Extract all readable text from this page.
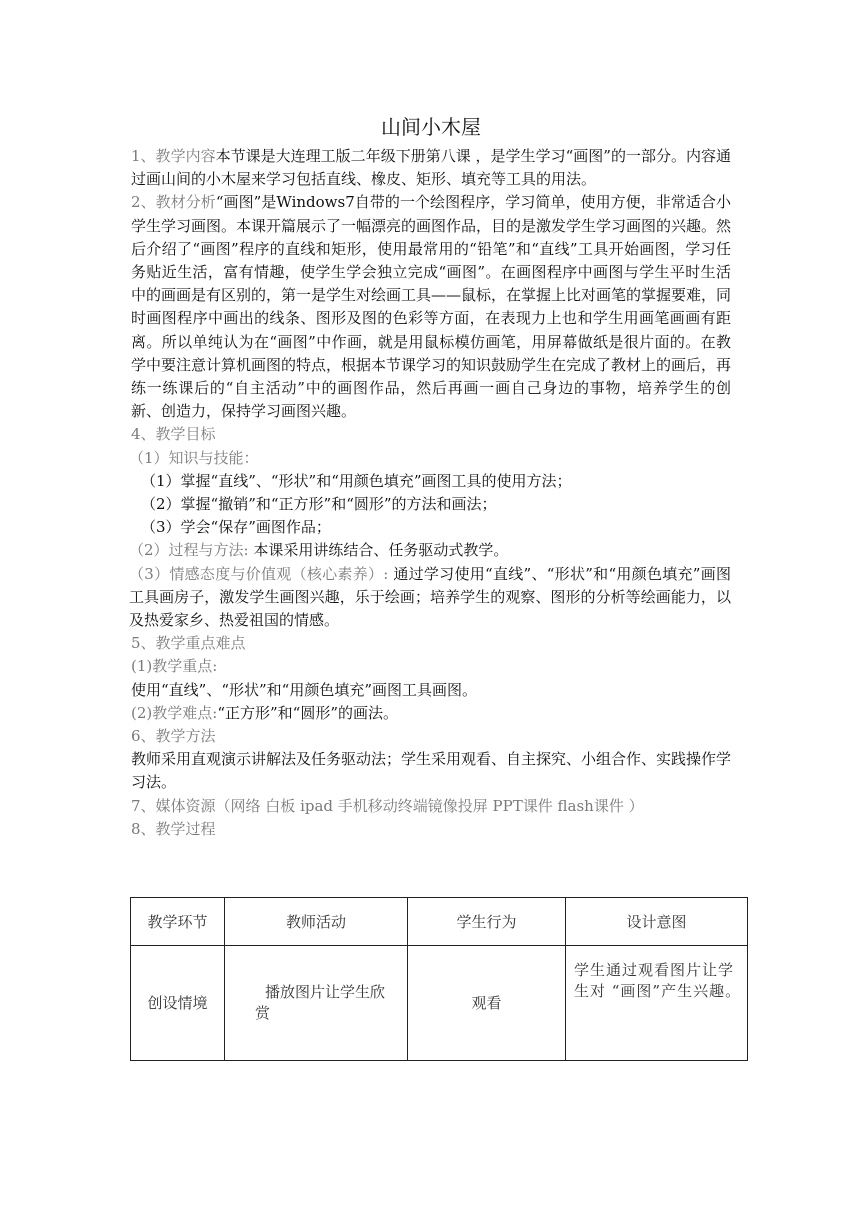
山间小木屋

1、教学内容本节课是大连理工版二年级下册第八课 ，是学生学习“画图”的一部分。内容通过画山间的小木屋来学习包括直线、橡皮、矩形、填充等工具的用法。

2、教材分析“画图”是Windows7自带的一个绘图程序，学习简单，使用方便，非常适合小学生学习画图。本课开篇展示了一幅漂亮的画图作品，目的是激发学生学习画图的兴趣。然后介绍了“画图”程序的直线和矩形，使用最常用的“铅笔”和“直线”工具开始画图，学习任务贴近生活，富有情趣，使学生学会独立完成“画图”。在画图程序中画图与学生平时生活中的画画是有区别的，第一是学生对绘画工具——鼠标，在掌握上比对画笔的掌握要难，同时画图程序中画出的线条、图形及图的色彩等方面，在表现力上也和学生用画笔画画有距离。所以单纯认为在“画图”中作画，就是用鼠标模仿画笔，用屏幕做纸是很片面的。在教学中要注意计算机画图的特点，根据本节课学习的知识鼓励学生在完成了教材上的画后，再练一练课后的“自主活动”中的画图作品，然后再画一画自己身边的事物，培养学生的创新、创造力，保持学习画图兴趣。

4、教学目标

（1）知识与技能：

（1）掌握“直线”、“形状”和“用颜色填充”画图工具的使用方法；

（2）掌握“撤销”和“正方形”和“圆形”的方法和画法；

（3）学会“保存”画图作品；

（2）过程与方法: 本课采用讲练结合、任务驱动式教学。

（3）情感态度与价值观（核心素养）: 通过学习使用“直线”、“形状”和“用颜色填充”画图工具画房子，激发学生画图兴趣，乐于绘画；培养学生的观察、图形的分析等绘画能力，以及热爱家乡、热爱祖国的情感。

5、教学重点难点

(1)教学重点:

使用“直线”、“形状”和“用颜色填充”画图工具画图。

(2)教学难点:“正方形”和“圆形”的画法。

6、教学方法

教师采用直观演示讲解法及任务驱动法；学生采用观看、自主探究、小组合作、实践操作学习法。

7、媒体资源（网络 白板 ipad 手机移动终端镜像投屏 PPT课件 flash课件 ）

8、教学过程

教学环节	教师活动	学生行为	设计意图

创设情境	播放图片让学生欣赏	观看	学生通过观看图片让学生对 “画图”产生兴趣。
